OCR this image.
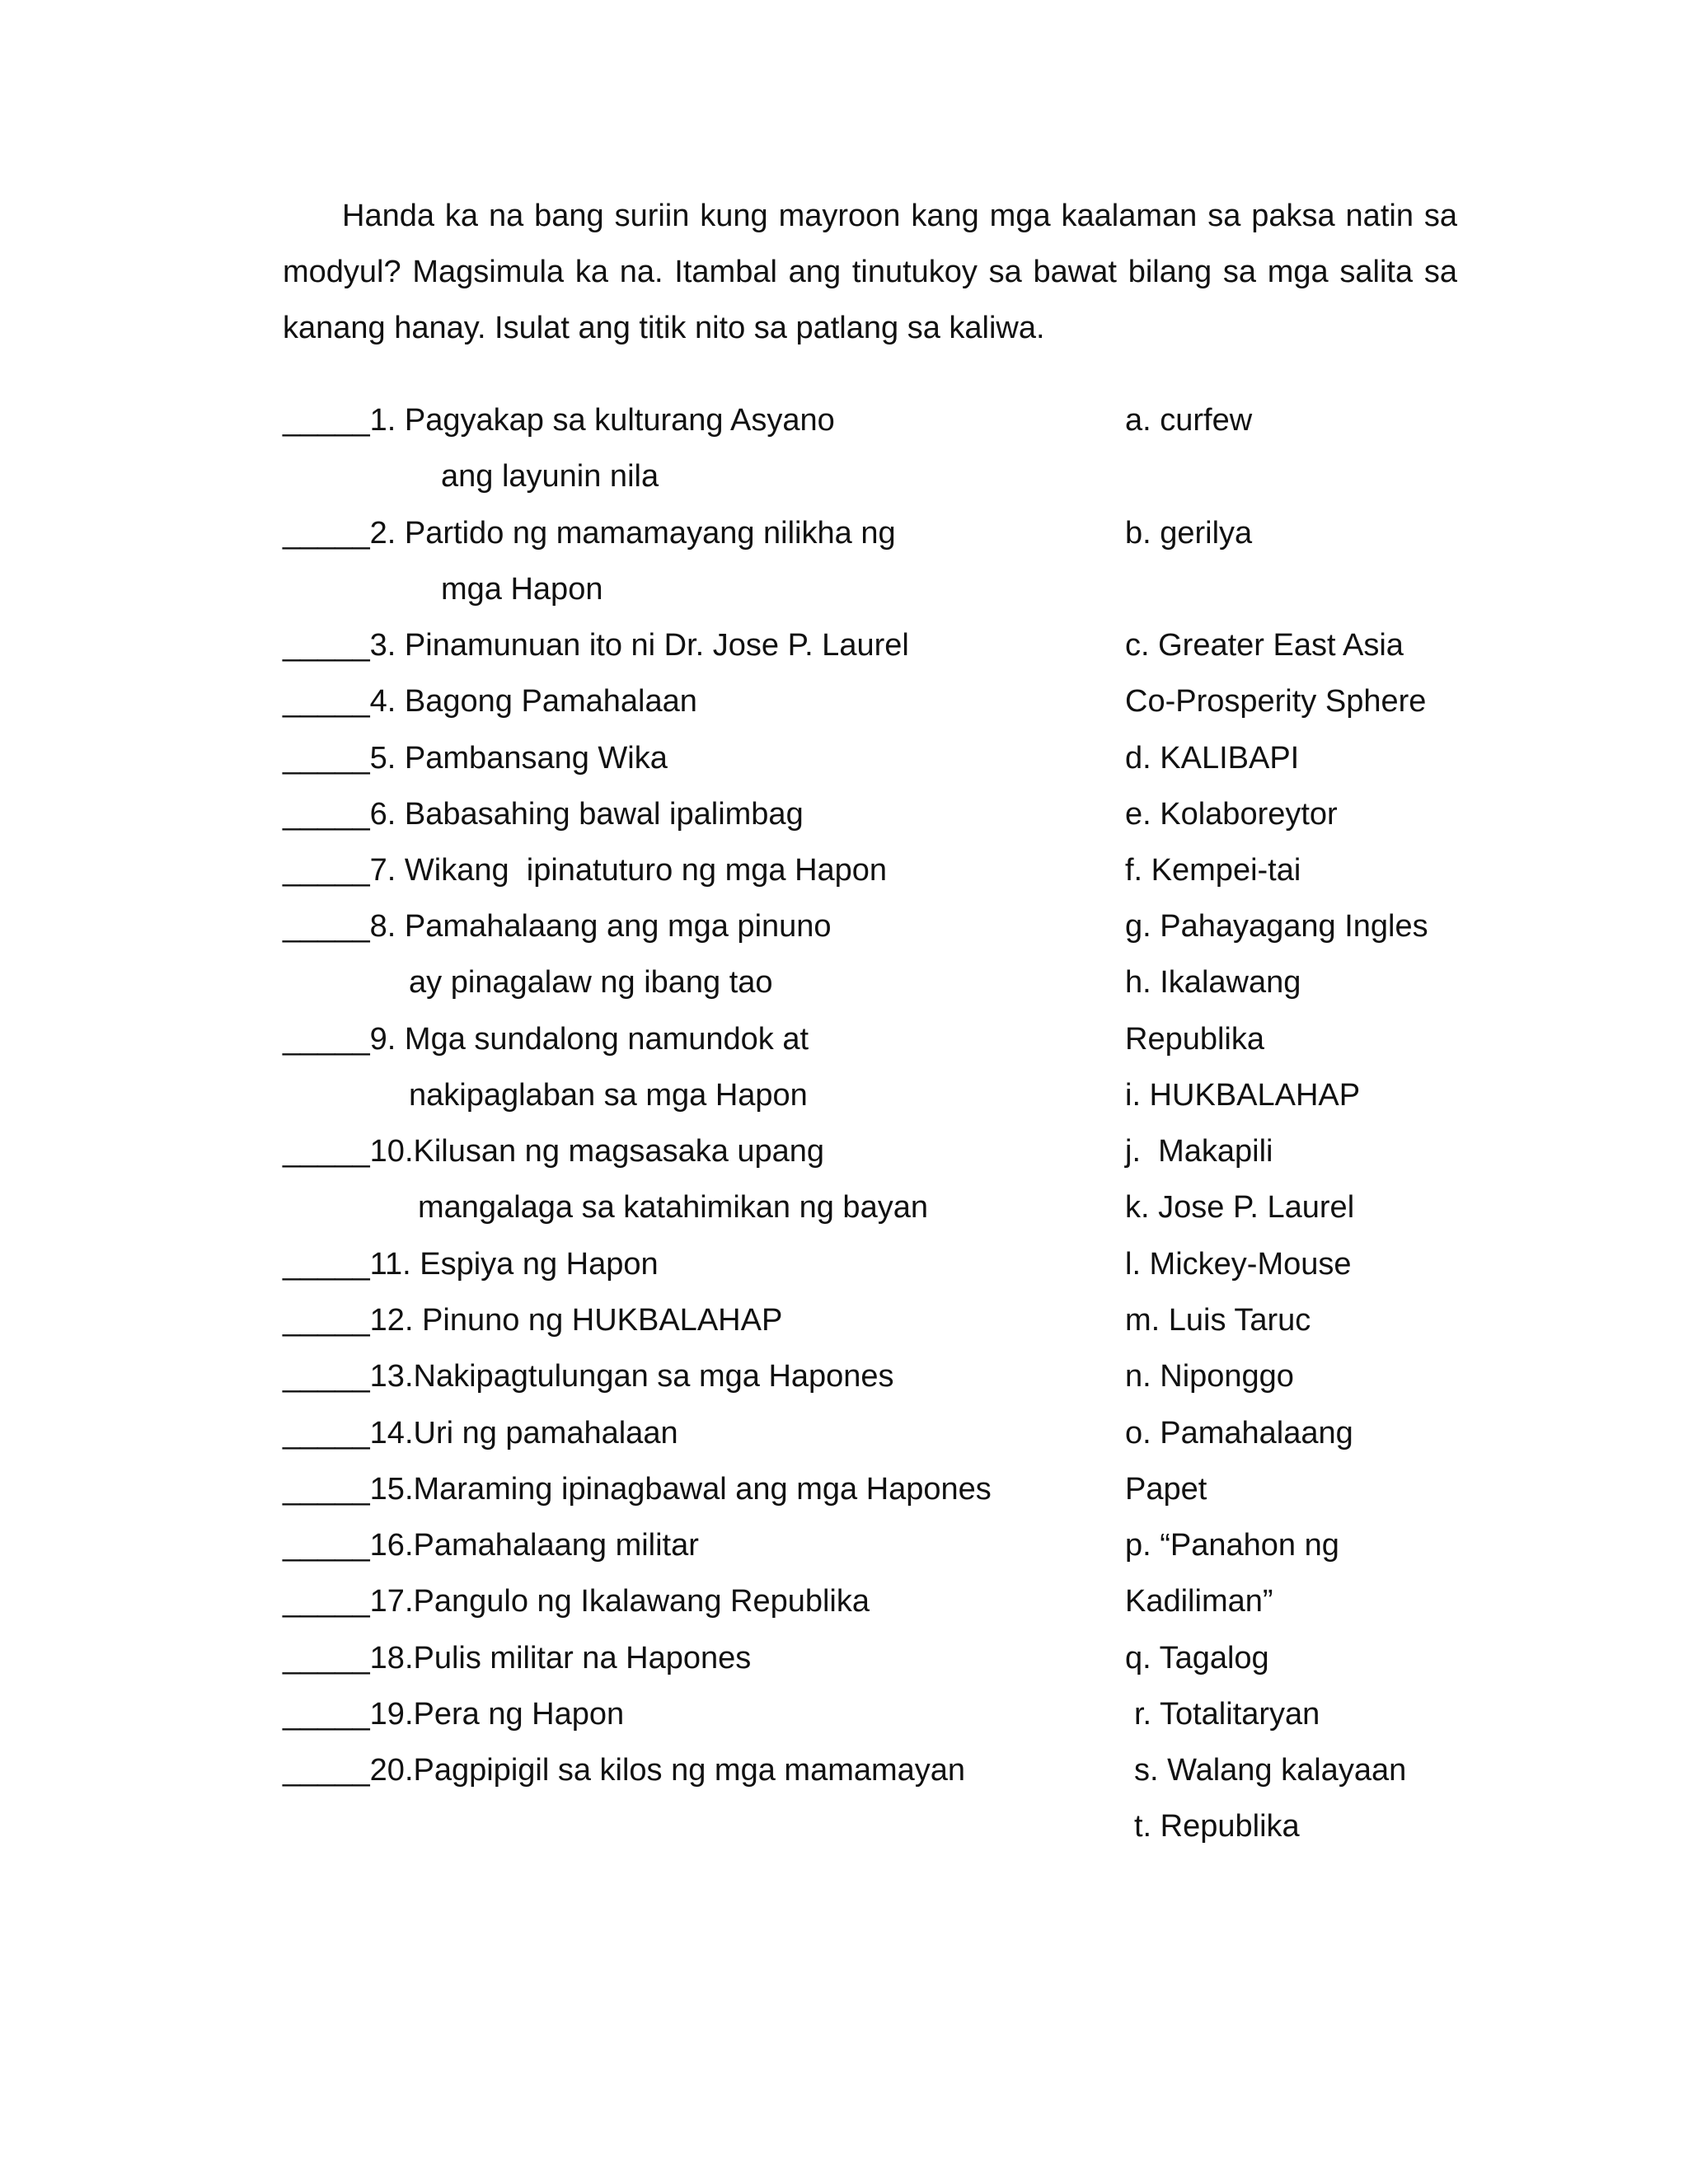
Handa ka na bang suriin kung mayroon kang mga kaalaman sa paksa natin sa modyul? Magsimula ka na. Itambal ang tinutukoy sa bawat bilang sa mga salita sa kanang hanay. Isulat ang titik nito sa patlang sa kaliwa.

_____1. Pagyakap sa kulturang Asyano
ang layunin nila
_____2. Partido ng mamamayang nilikha ng
mga Hapon
_____3. Pinamunuan ito ni Dr. Jose P. Laurel
_____4. Bagong Pamahalaan
_____5. Pambansang Wika
_____6. Babasahing bawal ipalimbag
_____7. Wikang  ipinatuturo ng mga Hapon
_____8. Pamahalaang ang mga pinuno
ay pinagalaw ng ibang tao
_____9. Mga sundalong namundok at
nakipaglaban sa mga Hapon
_____10.Kilusan ng magsasaka upang
mangalaga sa katahimikan ng bayan
_____11. Espiya ng Hapon
_____12. Pinuno ng HUKBALAHAP
_____13.Nakipagtulungan sa mga Hapones
_____14.Uri ng pamahalaan
_____15.Maraming ipinagbawal ang mga Hapones
_____16.Pamahalaang militar
_____17.Pangulo ng Ikalawang Republika
_____18.Pulis militar na Hapones
_____19.Pera ng Hapon
_____20.Pagpipigil sa kilos ng mga mamamayan
a. curfew
b. gerilya
c. Greater East Asia
Co-Prosperity Sphere
d. KALIBAPI
e. Kolaboreytor
f. Kempei-tai
g. Pahayagang Ingles
h. Ikalawang
Republika
i. HUKBALAHAP
j.  Makapili
k. Jose P. Laurel
l. Mickey-Mouse
m. Luis Taruc
n. Niponggo
o. Pamahalaang
Papet
p. “Panahon ng
Kadiliman”
q. Tagalog
r. Totalitaryan
s. Walang kalayaan
t. Republika
